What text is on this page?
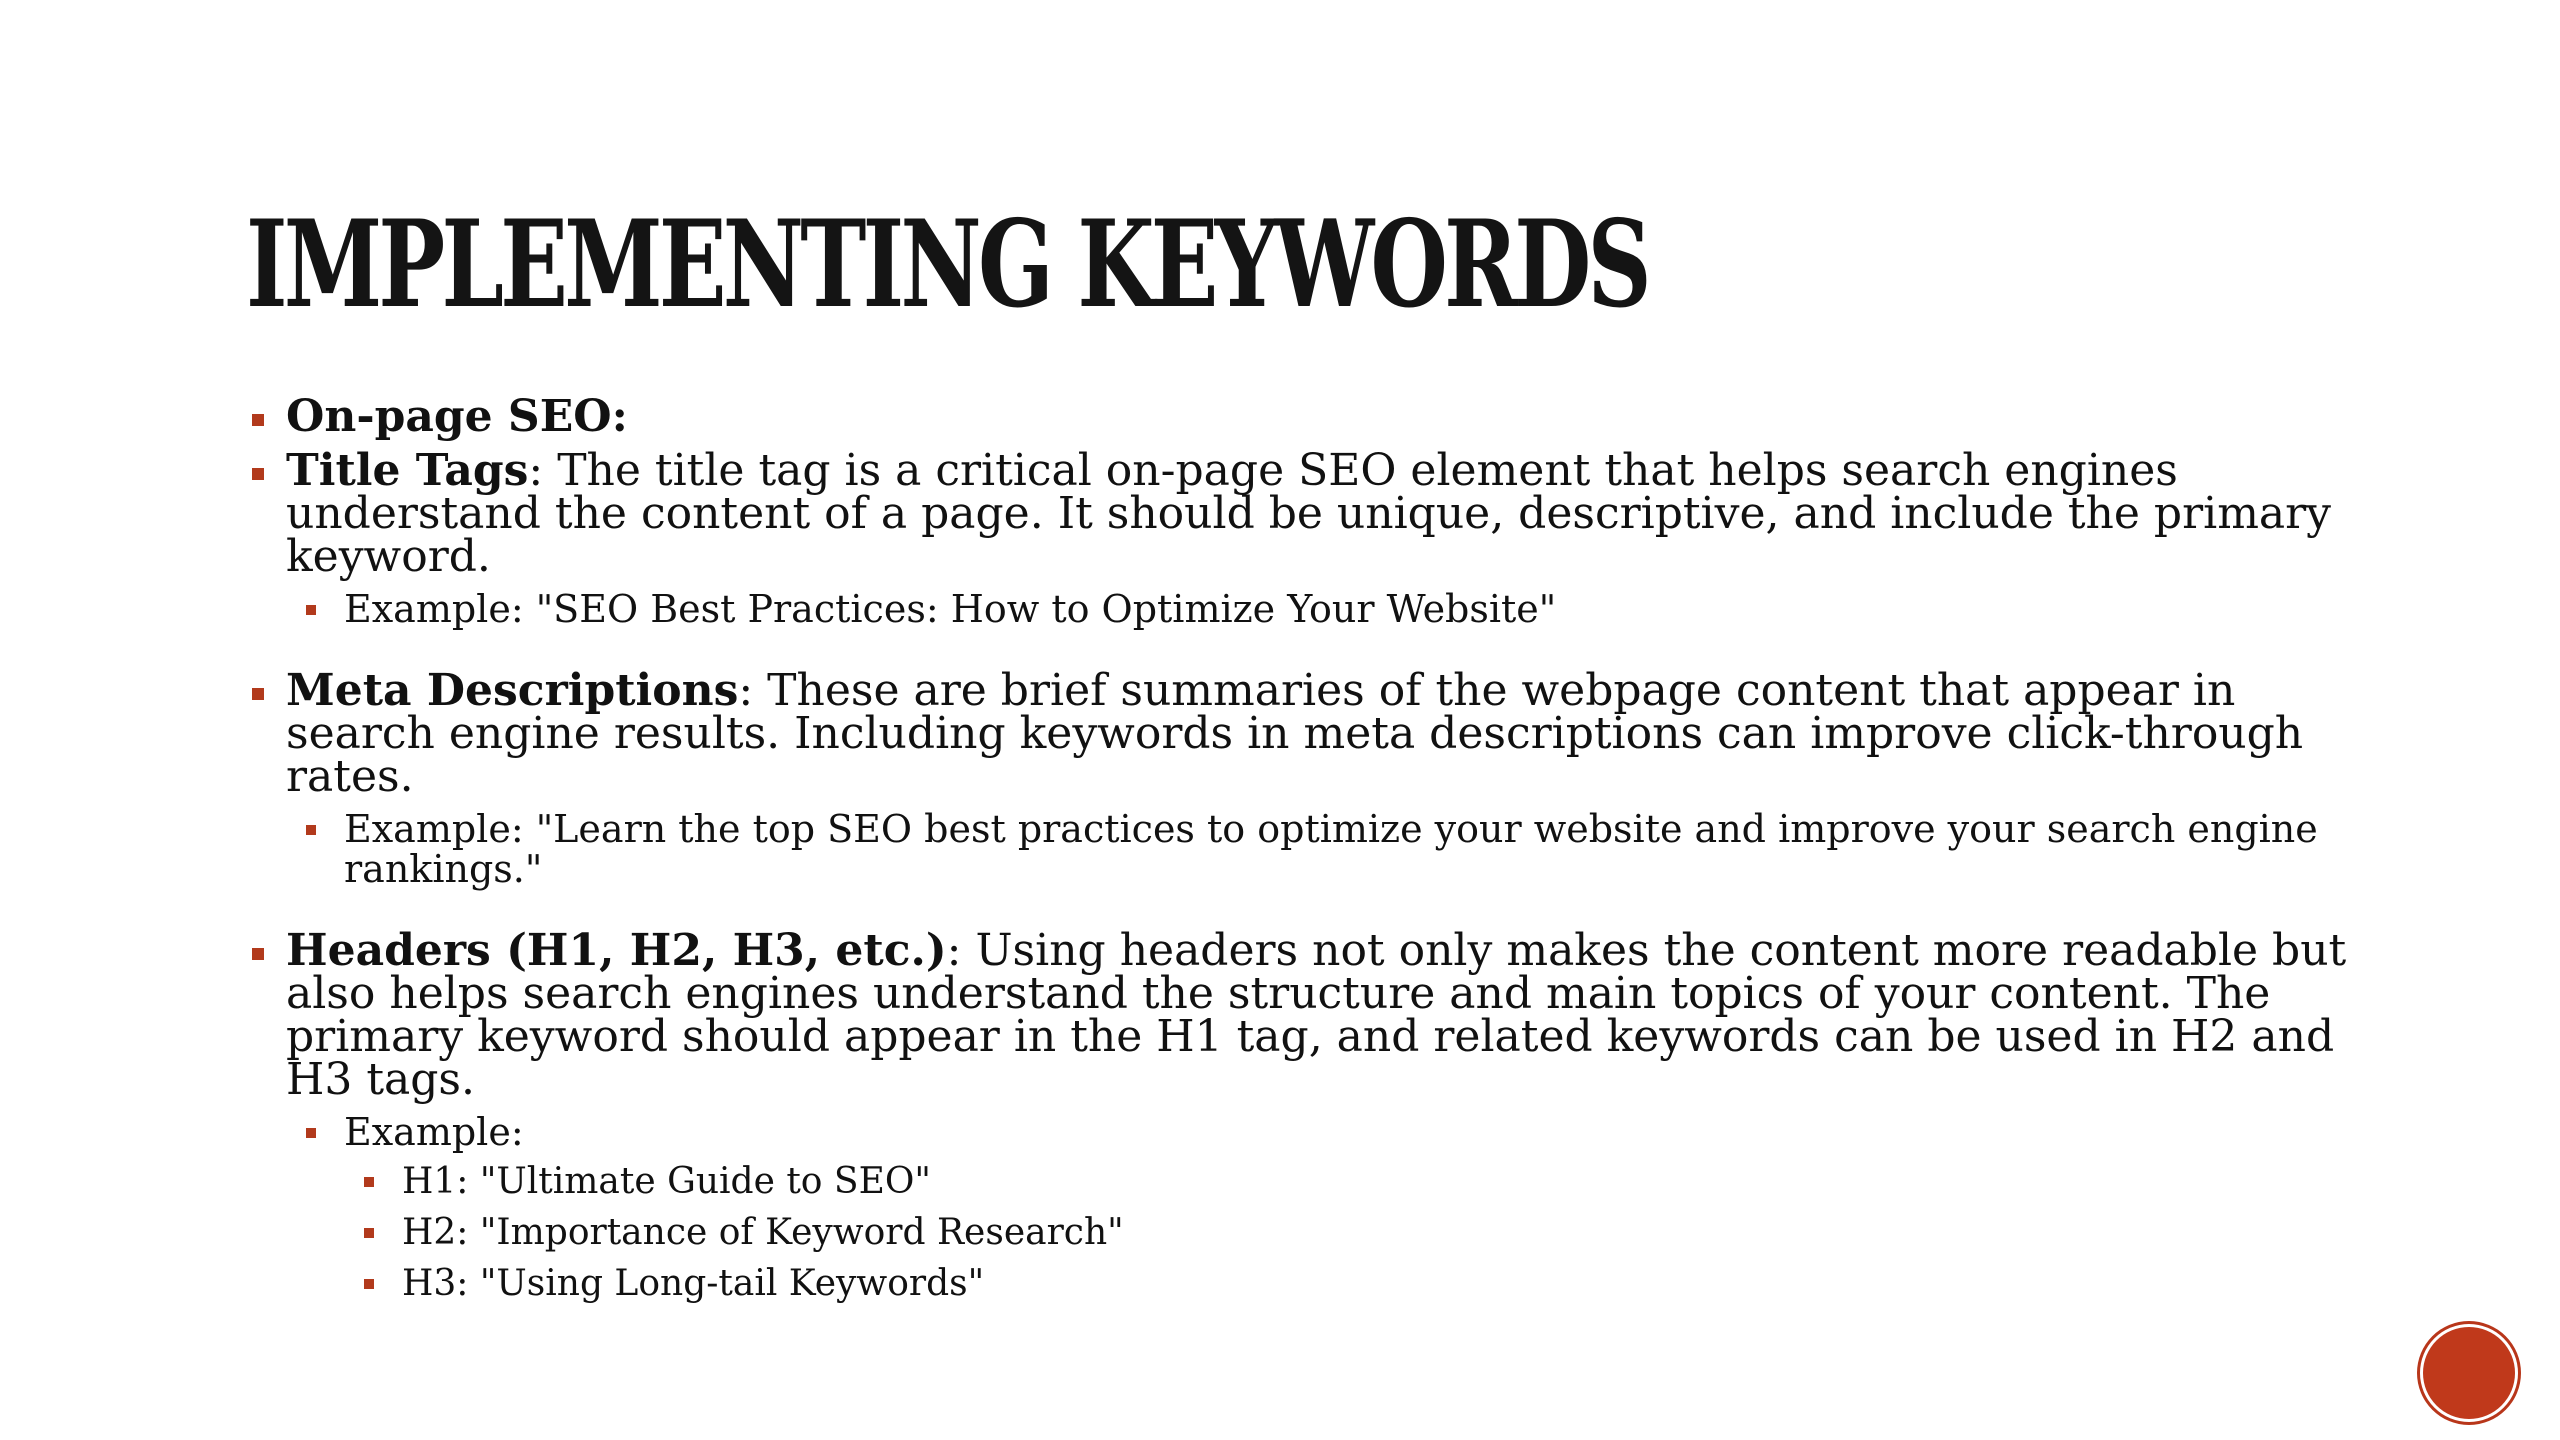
IMPLEMENTING KEYWORDS
On-page SEO:
Title Tags: The title tag is a critical on-page SEO element that helps search engines understand the content of a page. It should be unique, descriptive, and include the primary keyword.
Example: "SEO Best Practices: How to Optimize Your Website"
Meta Descriptions: These are brief summaries of the webpage content that appear in search engine results. Including keywords in meta descriptions can improve click-through rates.
Example: "Learn the top SEO best practices to optimize your website and improve your search engine rankings."
Headers (H1, H2, H3, etc.): Using headers not only makes the content more readable but also helps search engines understand the structure and main topics of your content. The primary keyword should appear in the H1 tag, and related keywords can be used in H2 and H3 tags.
Example:
H1: "Ultimate Guide to SEO"
H2: "Importance of Keyword Research"
H3: "Using Long-tail Keywords"
